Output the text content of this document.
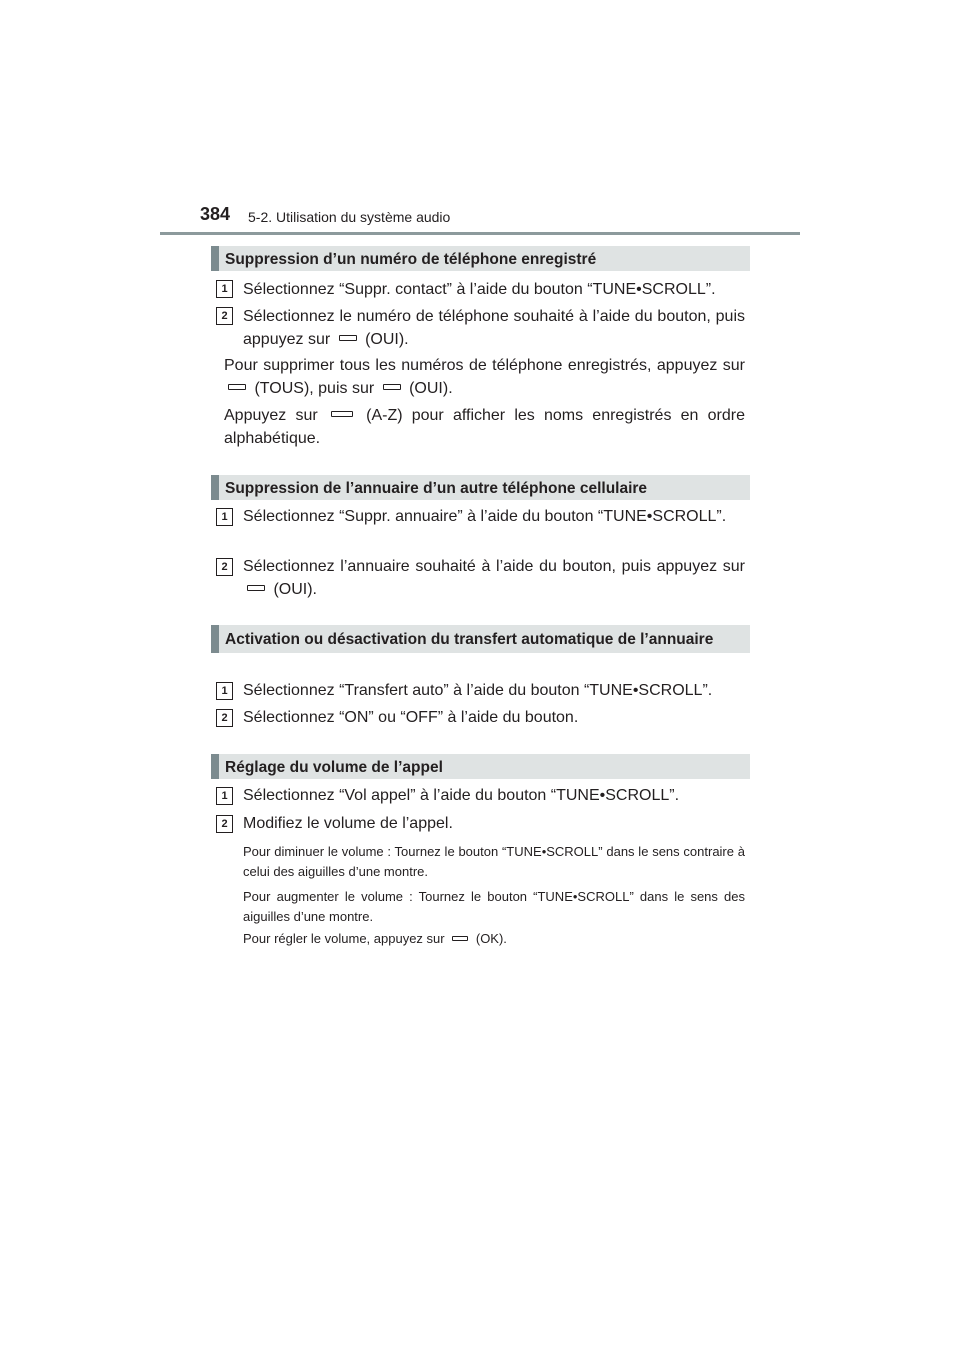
384 5-2. Utilisation du système audio
Suppression d’un numéro de téléphone enregistré
1 Sélectionnez “Suppr. contact” à l’aide du bouton “TUNE•SCROLL”.
2 Sélectionnez le numéro de téléphone souhaité à l’aide du bouton, puis appuyez sur (OUI).
Pour supprimer tous les numéros de téléphone enregistrés, appuyez sur  (TOUS), puis sur (OUI).
Appuyez sur	(A-Z) pour afficher les noms enregistrés en ordre alphabétique.
Suppression de l’annuaire d’un autre téléphone cellulaire
1 Sélectionnez “Suppr. annuaire” à l’aide du bouton “TUNE•SCROLL”.
2 Sélectionnez l’annuaire souhaité à l’aide du bouton, puis appuyez sur  (OUI).
Activation ou désactivation du transfert automatique de l’annuaire
1 Sélectionnez “Transfert auto” à l’aide du bouton “TUNE•SCROLL”.
2 Sélectionnez “ON” ou “OFF” à l’aide du bouton.
Réglage du volume de l’appel
1 Sélectionnez “Vol appel” à l’aide du bouton “TUNE•SCROLL”.
2 Modifiez le volume de l’appel.
Pour diminuer le volume : Tournez le bouton “TUNE•SCROLL” dans le sens contraire à celui des aiguilles d’une montre.
Pour augmenter le volume : Tournez le bouton “TUNE•SCROLL” dans le sens des aiguilles d’une montre.
Pour régler le volume, appuyez sur (OK).
